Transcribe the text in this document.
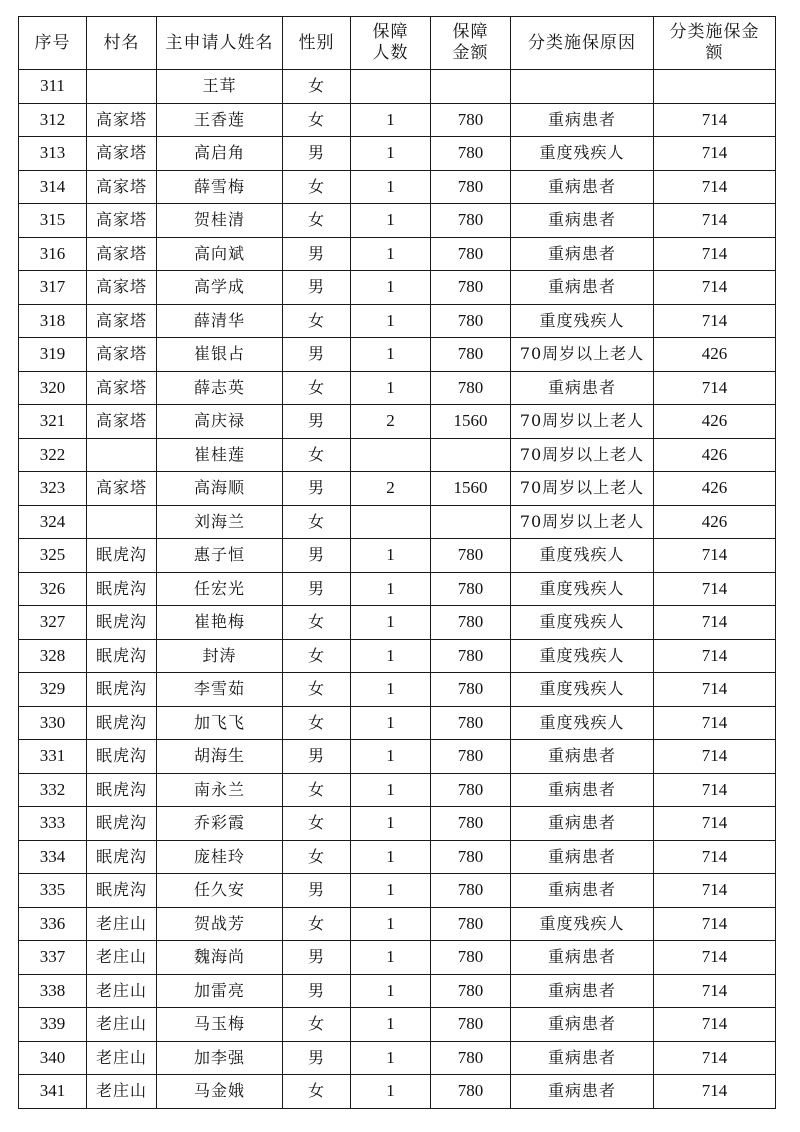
序号	村名	主申请人姓名	性别	保障人数	保障金额	分类施保原因	分类施保金额
311		王茸	女				
312	高家塔	王香莲	女	1	780	重病患者	714
313	高家塔	高启角	男	1	780	重度残疾人	714
314	高家塔	薛雪梅	女	1	780	重病患者	714
315	高家塔	贺桂清	女	1	780	重病患者	714
316	高家塔	高向斌	男	1	780	重病患者	714
317	高家塔	高学成	男	1	780	重病患者	714
318	高家塔	薛清华	女	1	780	重度残疾人	714
319	高家塔	崔银占	男	1	780	70周岁以上老人	426
320	高家塔	薛志英	女	1	780	重病患者	714
321	高家塔	高庆禄	男	2	1560	70周岁以上老人	426
322		崔桂莲	女			70周岁以上老人	426
323	高家塔	高海顺	男	2	1560	70周岁以上老人	426
324		刘海兰	女			70周岁以上老人	426
325	眠虎沟	惠子恒	男	1	780	重度残疾人	714
326	眠虎沟	任宏光	男	1	780	重度残疾人	714
327	眠虎沟	崔艳梅	女	1	780	重度残疾人	714
328	眠虎沟	封涛	女	1	780	重度残疾人	714
329	眠虎沟	李雪茹	女	1	780	重度残疾人	714
330	眠虎沟	加飞飞	女	1	780	重度残疾人	714
331	眠虎沟	胡海生	男	1	780	重病患者	714
332	眠虎沟	南永兰	女	1	780	重病患者	714
333	眠虎沟	乔彩霞	女	1	780	重病患者	714
334	眠虎沟	庞桂玲	女	1	780	重病患者	714
335	眠虎沟	任久安	男	1	780	重病患者	714
336	老庄山	贺战芳	女	1	780	重度残疾人	714
337	老庄山	魏海尚	男	1	780	重病患者	714
338	老庄山	加雷亮	男	1	780	重病患者	714
339	老庄山	马玉梅	女	1	780	重病患者	714
340	老庄山	加李强	男	1	780	重病患者	714
341	老庄山	马金娥	女	1	780	重病患者	714
